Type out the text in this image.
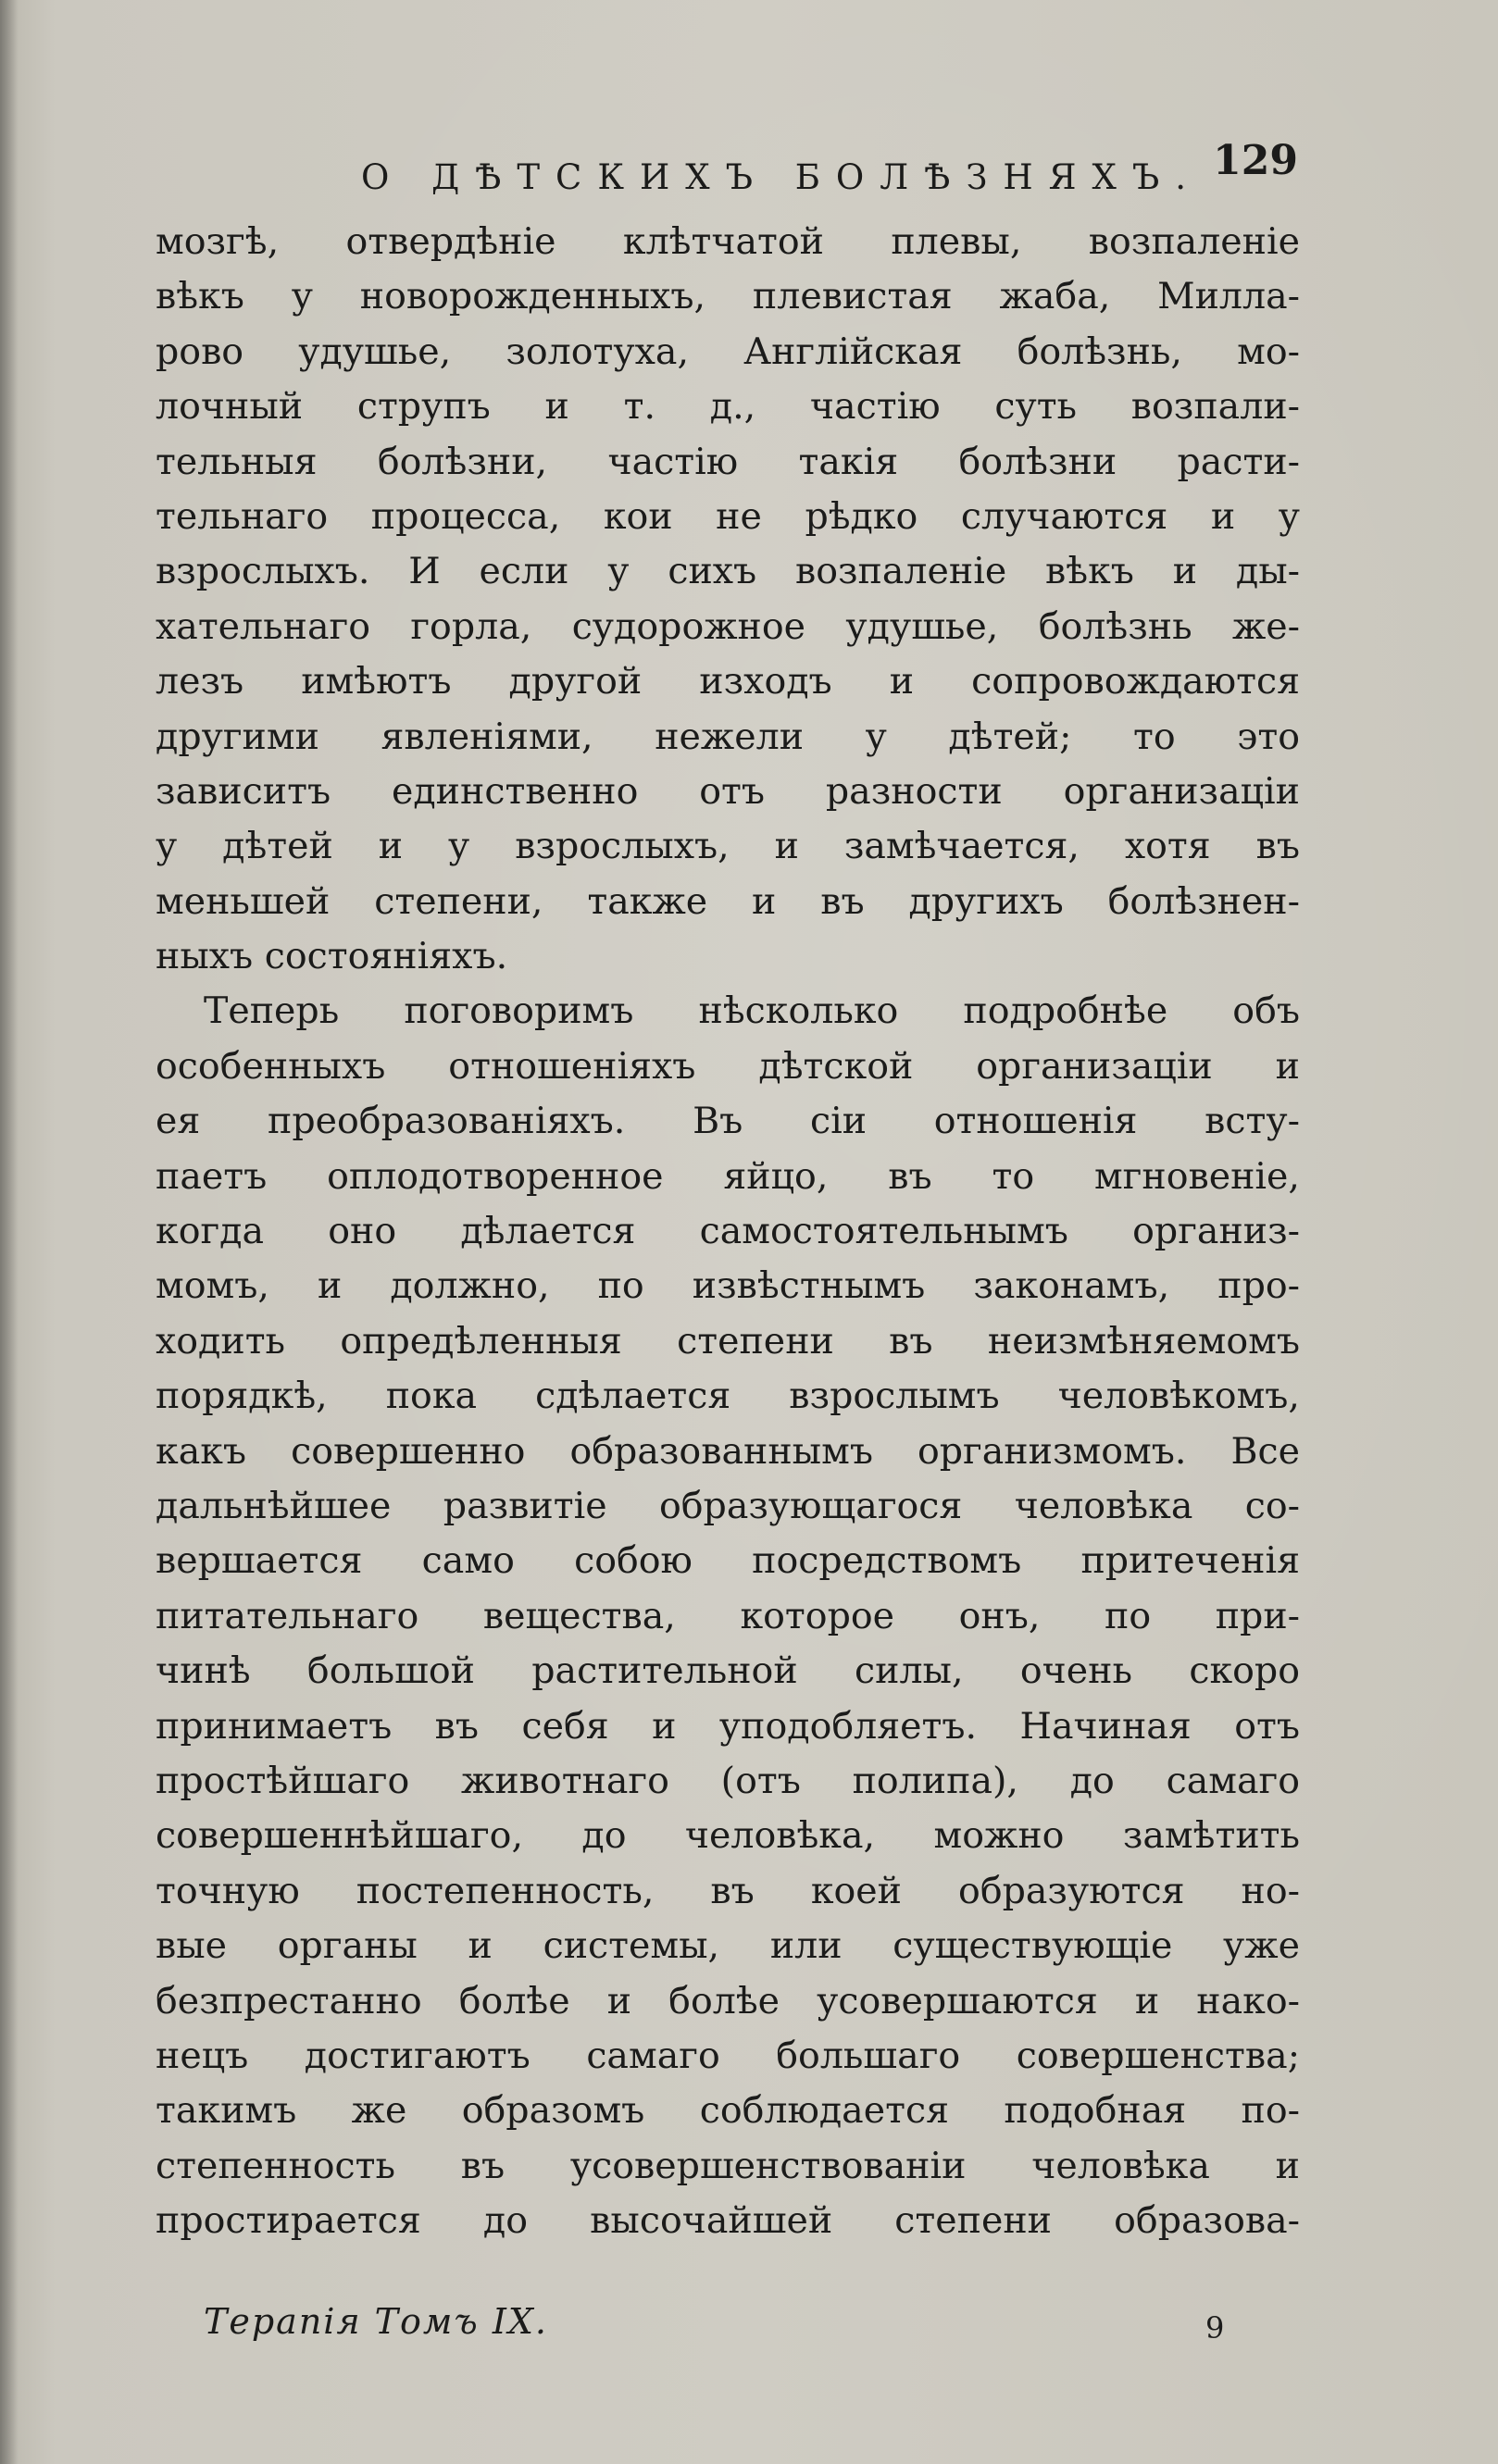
О ДѢТСКИХЪ БОЛѢЗНЯХЪ. 129
мозгѣ, отвердѣніе клѣтчатой плевы, возпаленіе
вѣкъ у новорожденныхъ, плевистая жаба, Милла-
рово удушье, золотуха, Англійская болѣзнь, мо-
лочный струпъ и т. д., частію суть возпали-
тельныя болѣзни, частію такія болѣзни расти-
тельнаго процесса, кои не рѣдко случаются и у
взрослыхъ. И если у сихъ возпаленіе вѣкъ и ды-
хательнаго горла, судорожное удушье, болѣзнь же-
лезъ имѣютъ другой изходъ и сопровождаются
другими явленіями, нежели у дѣтей; то это
зависитъ единственно отъ разности организаціи
у дѣтей и у взрослыхъ, и замѣчается, хотя въ
меньшей степени, также и въ другихъ болѣзнен-
ныхъ состояніяхъ.
Теперь поговоримъ нѣсколько подробнѣе объ
особенныхъ отношеніяхъ дѣтской организаціи и
ея преобразованіяхъ. Въ сіи отношенія всту-
паетъ оплодотворенное яйцо, въ то мгновеніе,
когда оно дѣлается самостоятельнымъ организ-
момъ, и должно, по извѣстнымъ законамъ, про-
ходить опредѣленныя степени въ неизмѣняемомъ
порядкѣ, пока сдѣлается взрослымъ человѣкомъ,
какъ совершенно образованнымъ организмомъ. Все
дальнѣйшее развитіе образующагося человѣка со-
вершается само собою посредствомъ притеченія
питательнаго вещества, которое онъ, по при-
чинѣ большой растительной силы, очень скоро
принимаетъ въ себя и уподобляетъ. Начиная отъ
простѣйшаго животнаго (отъ полипа), до самаго
совершеннѣйшаго, до человѣка, можно замѣтить
точную постепенность, въ коей образуются но-
вые органы и системы, или существующіе уже
безпрестанно болѣе и болѣе усовершаются и нако-
нецъ достигаютъ самаго большаго совершенства;
такимъ же образомъ соблюдается подобная по-
степенность въ усовершенствованіи человѣка и
простирается до высочайшей степени образова-
Терапія Томъ IX.	9
